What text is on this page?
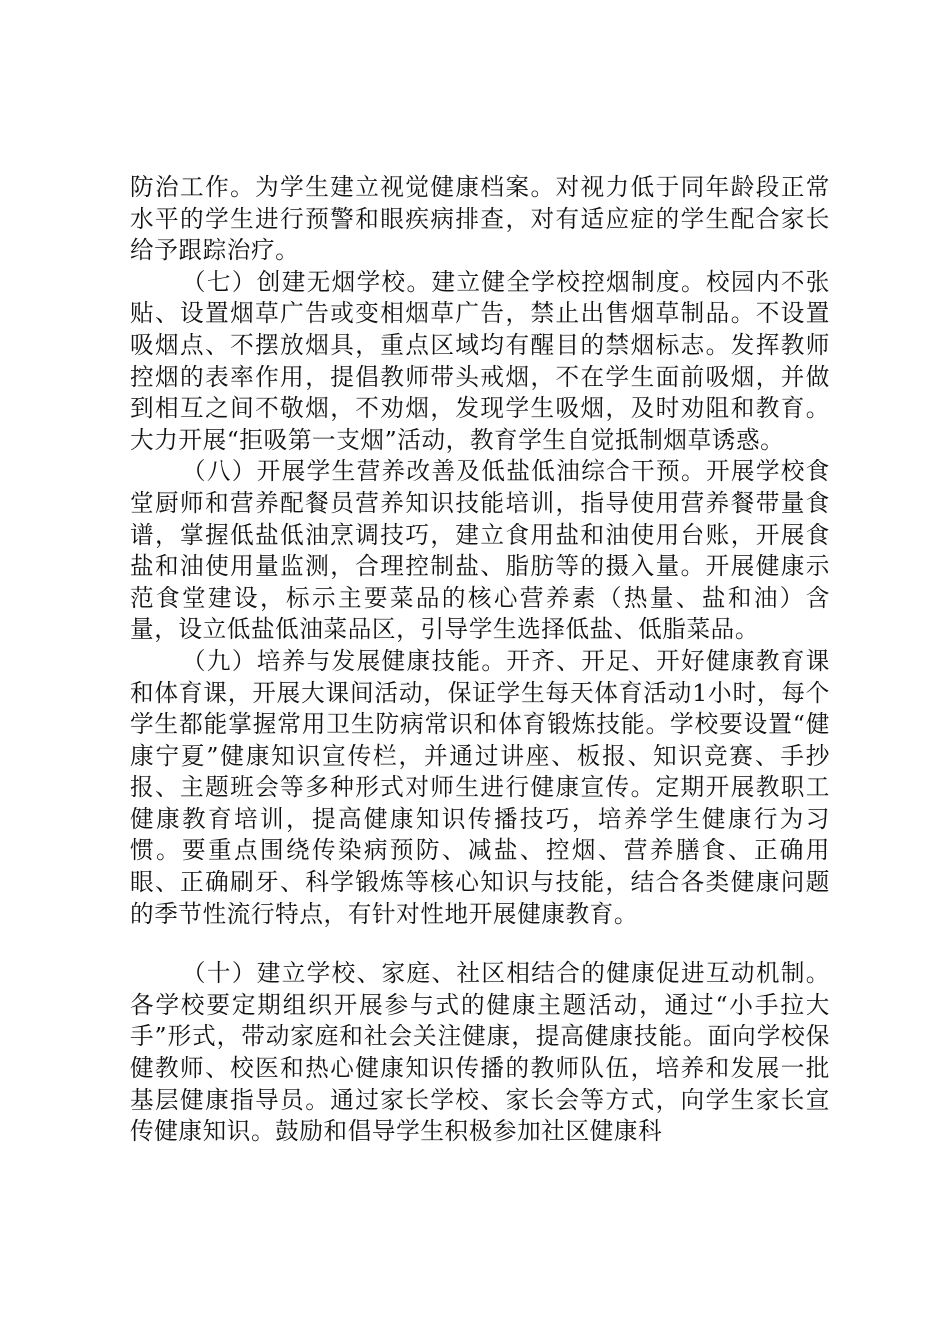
防治工作。为学生建立视觉健康档案。对视力低于同年龄段正常水平的学生进行预警和眼疾病排查，对有适应症的学生配合家长给予跟踪治疗。

（七）创建无烟学校。建立健全学校控烟制度。校园内不张贴、设置烟草广告或变相烟草广告，禁止出售烟草制品。不设置吸烟点、不摆放烟具，重点区域均有醒目的禁烟标志。发挥教师控烟的表率作用，提倡教师带头戒烟，不在学生面前吸烟，并做到相互之间不敬烟，不劝烟，发现学生吸烟，及时劝阻和教育。大力开展“拒吸第一支烟”活动，教育学生自觉抵制烟草诱惑。

（八）开展学生营养改善及低盐低油综合干预。开展学校食堂厨师和营养配餐员营养知识技能培训，指导使用营养餐带量食谱，掌握低盐低油烹调技巧，建立食用盐和油使用台账，开展食盐和油使用量监测，合理控制盐、脂肪等的摄入量。开展健康示范食堂建设，标示主要菜品的核心营养素（热量、盐和油）含量，设立低盐低油菜品区，引导学生选择低盐、低脂菜品。

（九）培养与发展健康技能。开齐、开足、开好健康教育课和体育课，开展大课间活动，保证学生每天体育活动1小时，每个学生都能掌握常用卫生防病常识和体育锻炼技能。学校要设置“健康宁夏”健康知识宣传栏，并通过讲座、板报、知识竞赛、手抄报、主题班会等多种形式对师生进行健康宣传。定期开展教职工健康教育培训，提高健康知识传播技巧，培养学生健康行为习惯。要重点围绕传染病预防、减盐、控烟、营养膳食、正确用眼、正确刷牙、科学锻炼等核心知识与技能，结合各类健康问题的季节性流行特点，有针对性地开展健康教育。

（十）建立学校、家庭、社区相结合的健康促进互动机制。各学校要定期组织开展参与式的健康主题活动，通过“小手拉大手”形式，带动家庭和社会关注健康，提高健康技能。面向学校保健教师、校医和热心健康知识传播的教师队伍，培养和发展一批基层健康指导员。通过家长学校、家长会等方式，向学生家长宣传健康知识。鼓励和倡导学生积极参加社区健康科
